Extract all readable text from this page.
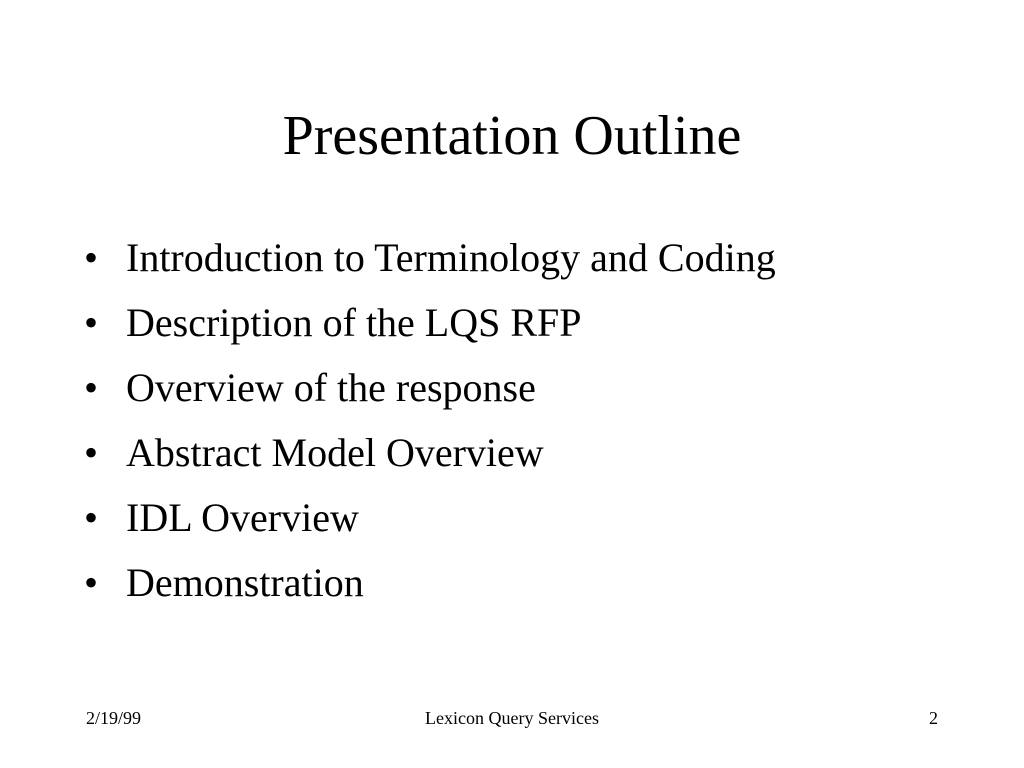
Presentation Outline
• Introduction to Terminology and Coding
• Description of the LQS RFP
• Overview of the response
• Abstract Model Overview
• IDL Overview
• Demonstration
2/19/99	Lexicon Query Services	2
